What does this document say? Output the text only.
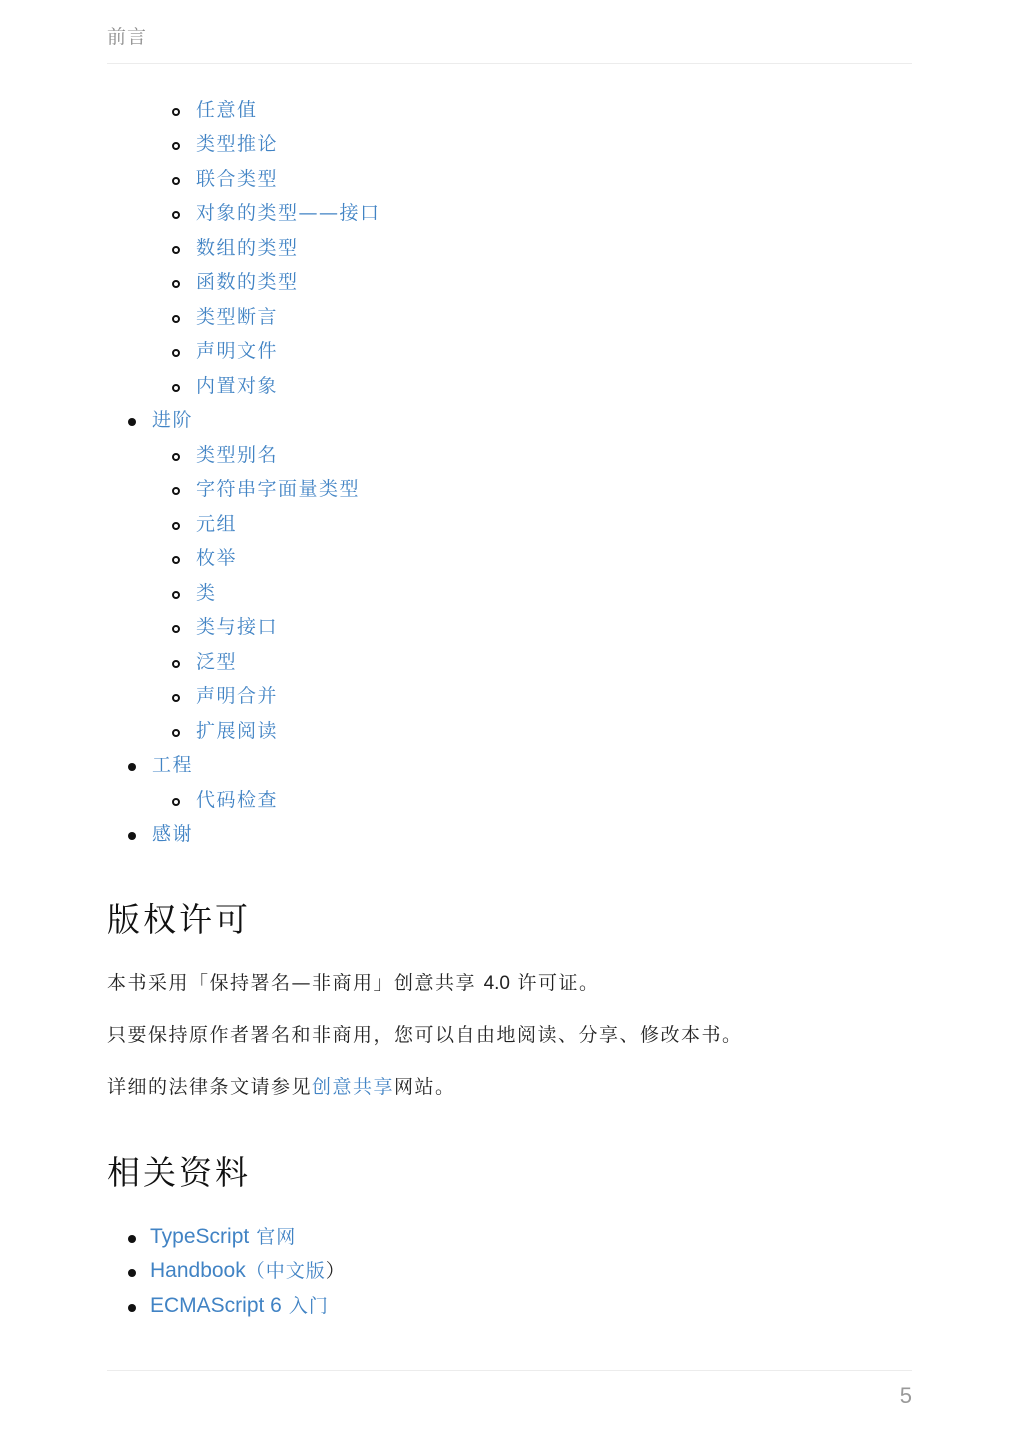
前言
任意值
类型推论
联合类型
对象的类型——接口
数组的类型
函数的类型
类型断言
声明文件
内置对象
进阶
类型别名
字符串字面量类型
元组
枚举
类
类与接口
泛型
声明合并
扩展阅读
工程
代码检查
感谢
版权许可

本书采用「保持署名—非商用」创意共享 4.0 许可证。

只要保持原作者署名和非商用，您可以自由地阅读、分享、修改本书。

详细的法律条文请参见创意共享网站。

相关资料
TypeScript 官网
Handbook（中文版）
ECMAScript 6 入门
5
